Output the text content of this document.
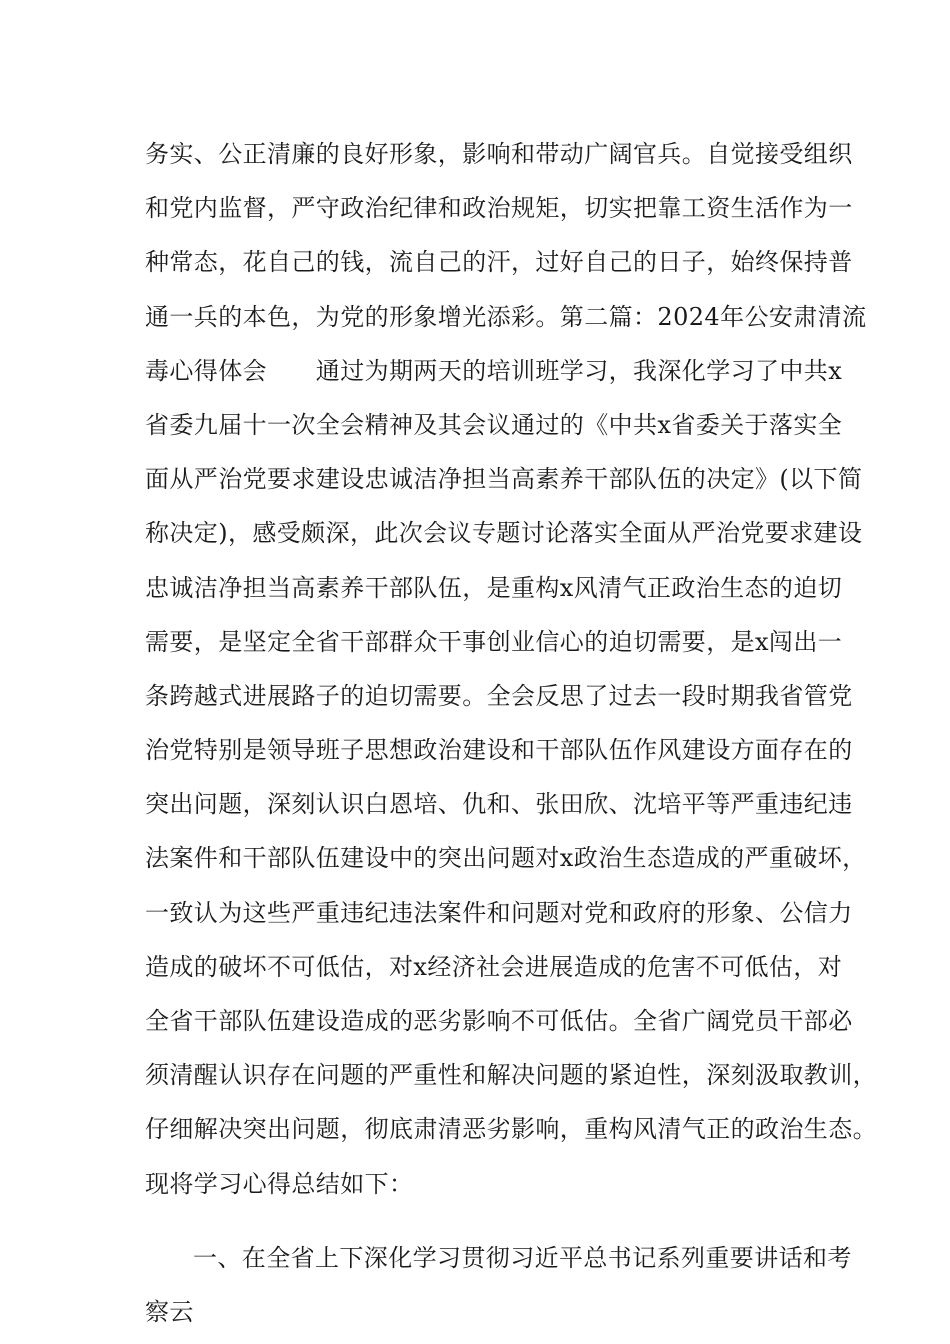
务实、公正清廉的良好形象，影响和带动广阔官兵。自觉接受组织
和党内监督，严守政治纪律和政治规矩，切实把靠工资生活作为一
种常态，花自己的钱，流自己的汗，过好自己的日子，始终保持普
通一兵的本色，为党的形象增光添彩。第二篇：2024年公安肃清流
毒心得体会　　通过为期两天的培训班学习，我深化学习了中共x
省委九届十一次全会精神及其会议通过的《中共x省委关于落实全
面从严治党要求建设忠诚洁净担当高素养干部队伍的决定》(以下简
称决定)，感受颇深，此次会议专题讨论落实全面从严治党要求建设
忠诚洁净担当高素养干部队伍，是重构x风清气正政治生态的迫切
需要，是坚定全省干部群众干事创业信心的迫切需要，是x闯出一
条跨越式进展路子的迫切需要。全会反思了过去一段时期我省管党
治党特别是领导班子思想政治建设和干部队伍作风建设方面存在的
突出问题，深刻认识白恩培、仇和、张田欣、沈培平等严重违纪违
法案件和干部队伍建设中的突出问题对x政治生态造成的严重破坏，
一致认为这些严重违纪违法案件和问题对党和政府的形象、公信力
造成的破坏不可低估，对x经济社会进展造成的危害不可低估，对
全省干部队伍建设造成的恶劣影响不可低估。全省广阔党员干部必
须清醒认识存在问题的严重性和解决问题的紧迫性，深刻汲取教训，
仔细解决突出问题，彻底肃清恶劣影响，重构风清气正的政治生态。
现将学习心得总结如下：
一、在全省上下深化学习贯彻习近平总书记系列重要讲话和考
察云
